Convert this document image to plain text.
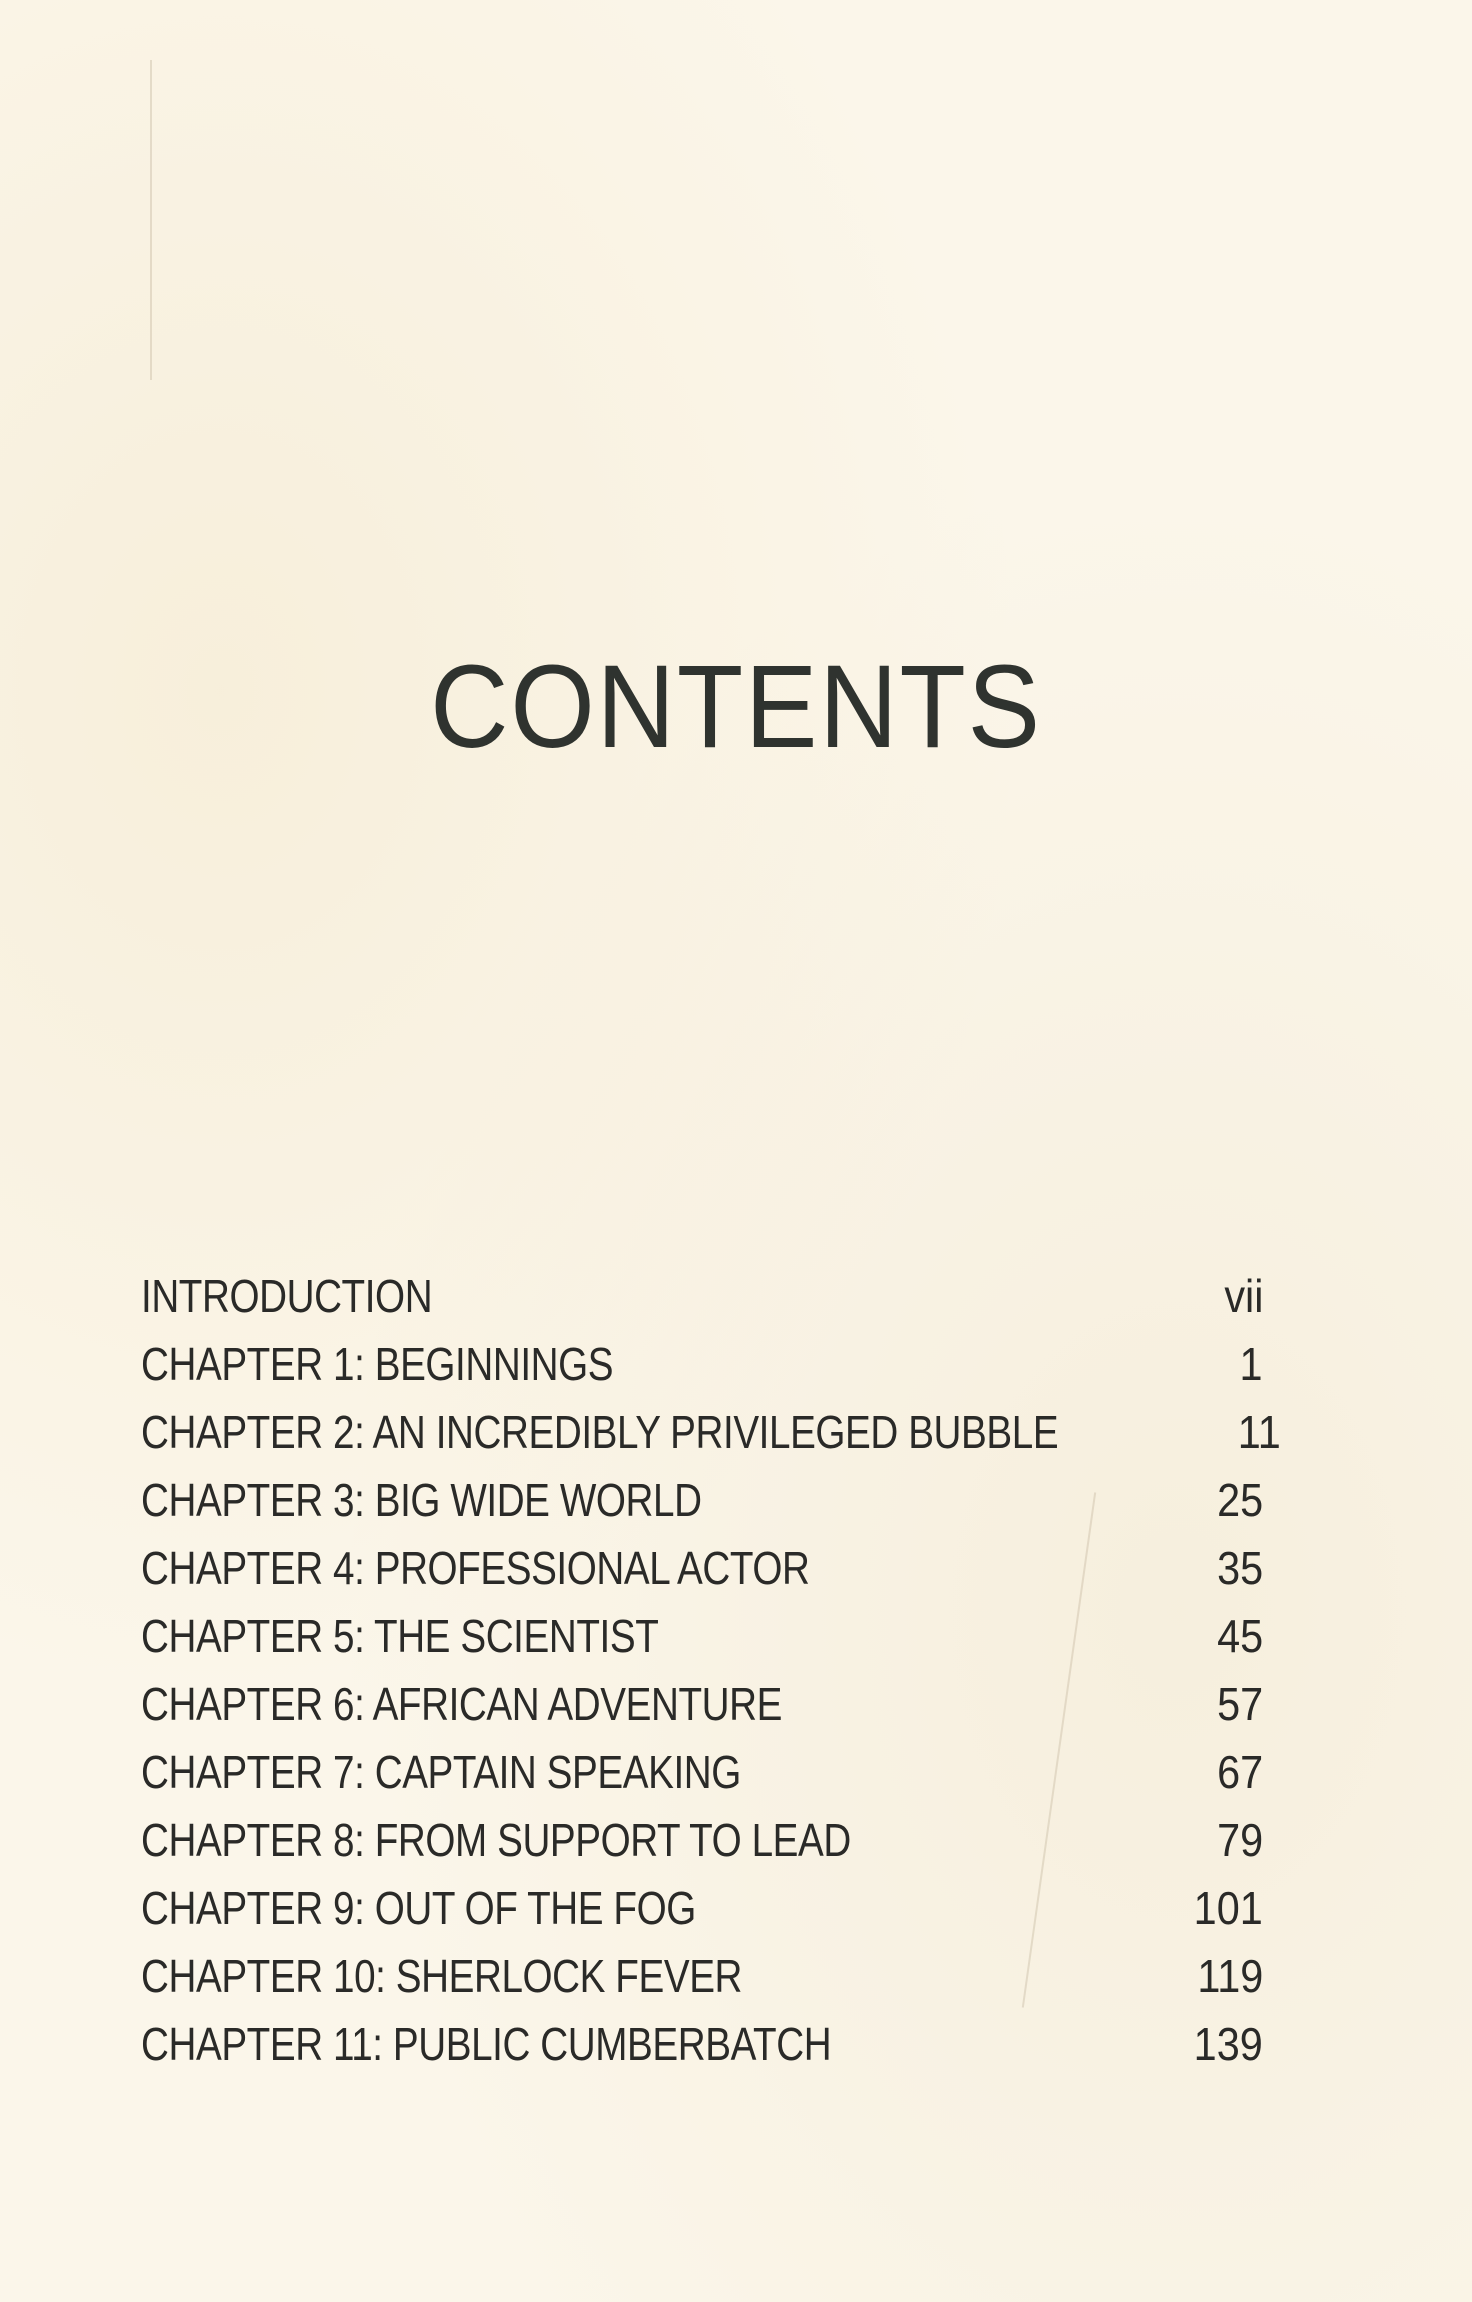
CONTENTS
INTRODUCTION	vii
CHAPTER 1: BEGINNINGS	1
CHAPTER 2: AN INCREDIBLY PRIVILEGED BUBBLE	11
CHAPTER 3: BIG WIDE WORLD	25
CHAPTER 4: PROFESSIONAL ACTOR	35
CHAPTER 5: THE SCIENTIST	45
CHAPTER 6: AFRICAN ADVENTURE	57
CHAPTER 7: CAPTAIN SPEAKING	67
CHAPTER 8: FROM SUPPORT TO LEAD	79
CHAPTER 9: OUT OF THE FOG	101
CHAPTER 10: SHERLOCK FEVER	119
CHAPTER 11: PUBLIC CUMBERBATCH	139
